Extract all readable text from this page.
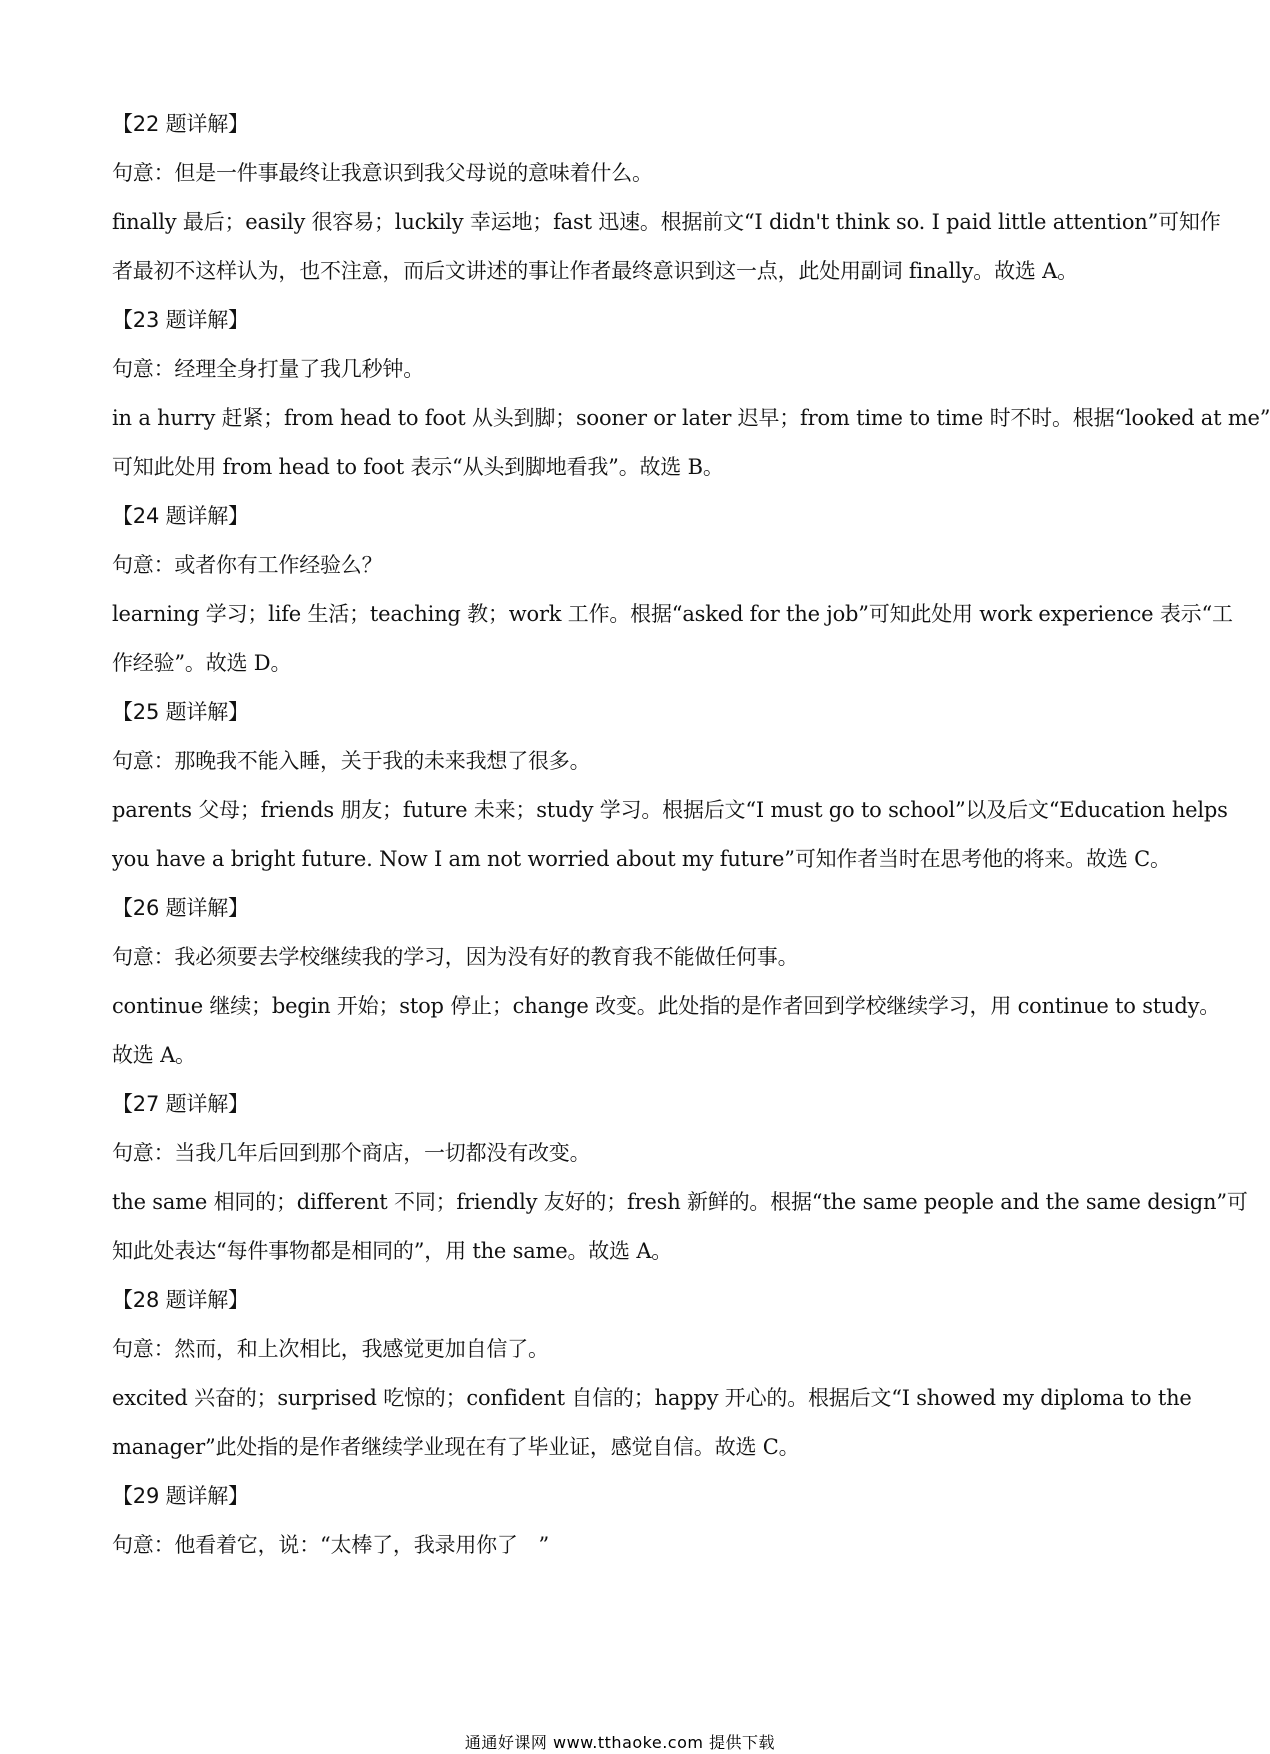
【22 题详解】
句意：但是一件事最终让我意识到我父母说的意味着什么。
finally 最后；easily 很容易；luckily 幸运地；fast 迅速。根据前文“I didn't think so. I paid little attention”可知作
者最初不这样认为，也不注意，而后文讲述的事让作者最终意识到这一点，此处用副词 finally。故选 A。
【23 题详解】
句意：经理全身打量了我几秒钟。
in a hurry 赶紧；from head to foot 从头到脚；sooner or later 迟早；from time to time 时不时。根据“looked at me”
可知此处用 from head to foot 表示“从头到脚地看我”。故选 B。
【24 题详解】
句意：或者你有工作经验么？
learning 学习；life 生活；teaching 教；work 工作。根据“asked for the job”可知此处用 work experience 表示“工
作经验”。故选 D。
【25 题详解】
句意：那晚我不能入睡，关于我的未来我想了很多。
parents 父母；friends 朋友；future 未来；study 学习。根据后文“I must go to school”以及后文“Education helps
you have a bright future. Now I am not worried about my future”可知作者当时在思考他的将来。故选 C。
【26 题详解】
句意：我必须要去学校继续我的学习，因为没有好的教育我不能做任何事。
continue 继续；begin 开始；stop 停止；change 改变。此处指的是作者回到学校继续学习，用 continue to study。
故选 A。
【27 题详解】
句意：当我几年后回到那个商店，一切都没有改变。
the same 相同的；different 不同；friendly 友好的；fresh 新鲜的。根据“the same people and the same design”可
知此处表达“每件事物都是相同的”，用 the same。故选 A。
【28 题详解】
句意：然而，和上次相比，我感觉更加自信了。
excited 兴奋的；surprised 吃惊的；confident 自信的；happy 开心的。根据后文“I showed my diploma to the
manager”此处指的是作者继续学业现在有了毕业证，感觉自信。故选 C。
【29 题详解】
句意：他看着它，说：“太棒了，我录用你了　”
通通好课网 www.tthaoke.com 提供下载
